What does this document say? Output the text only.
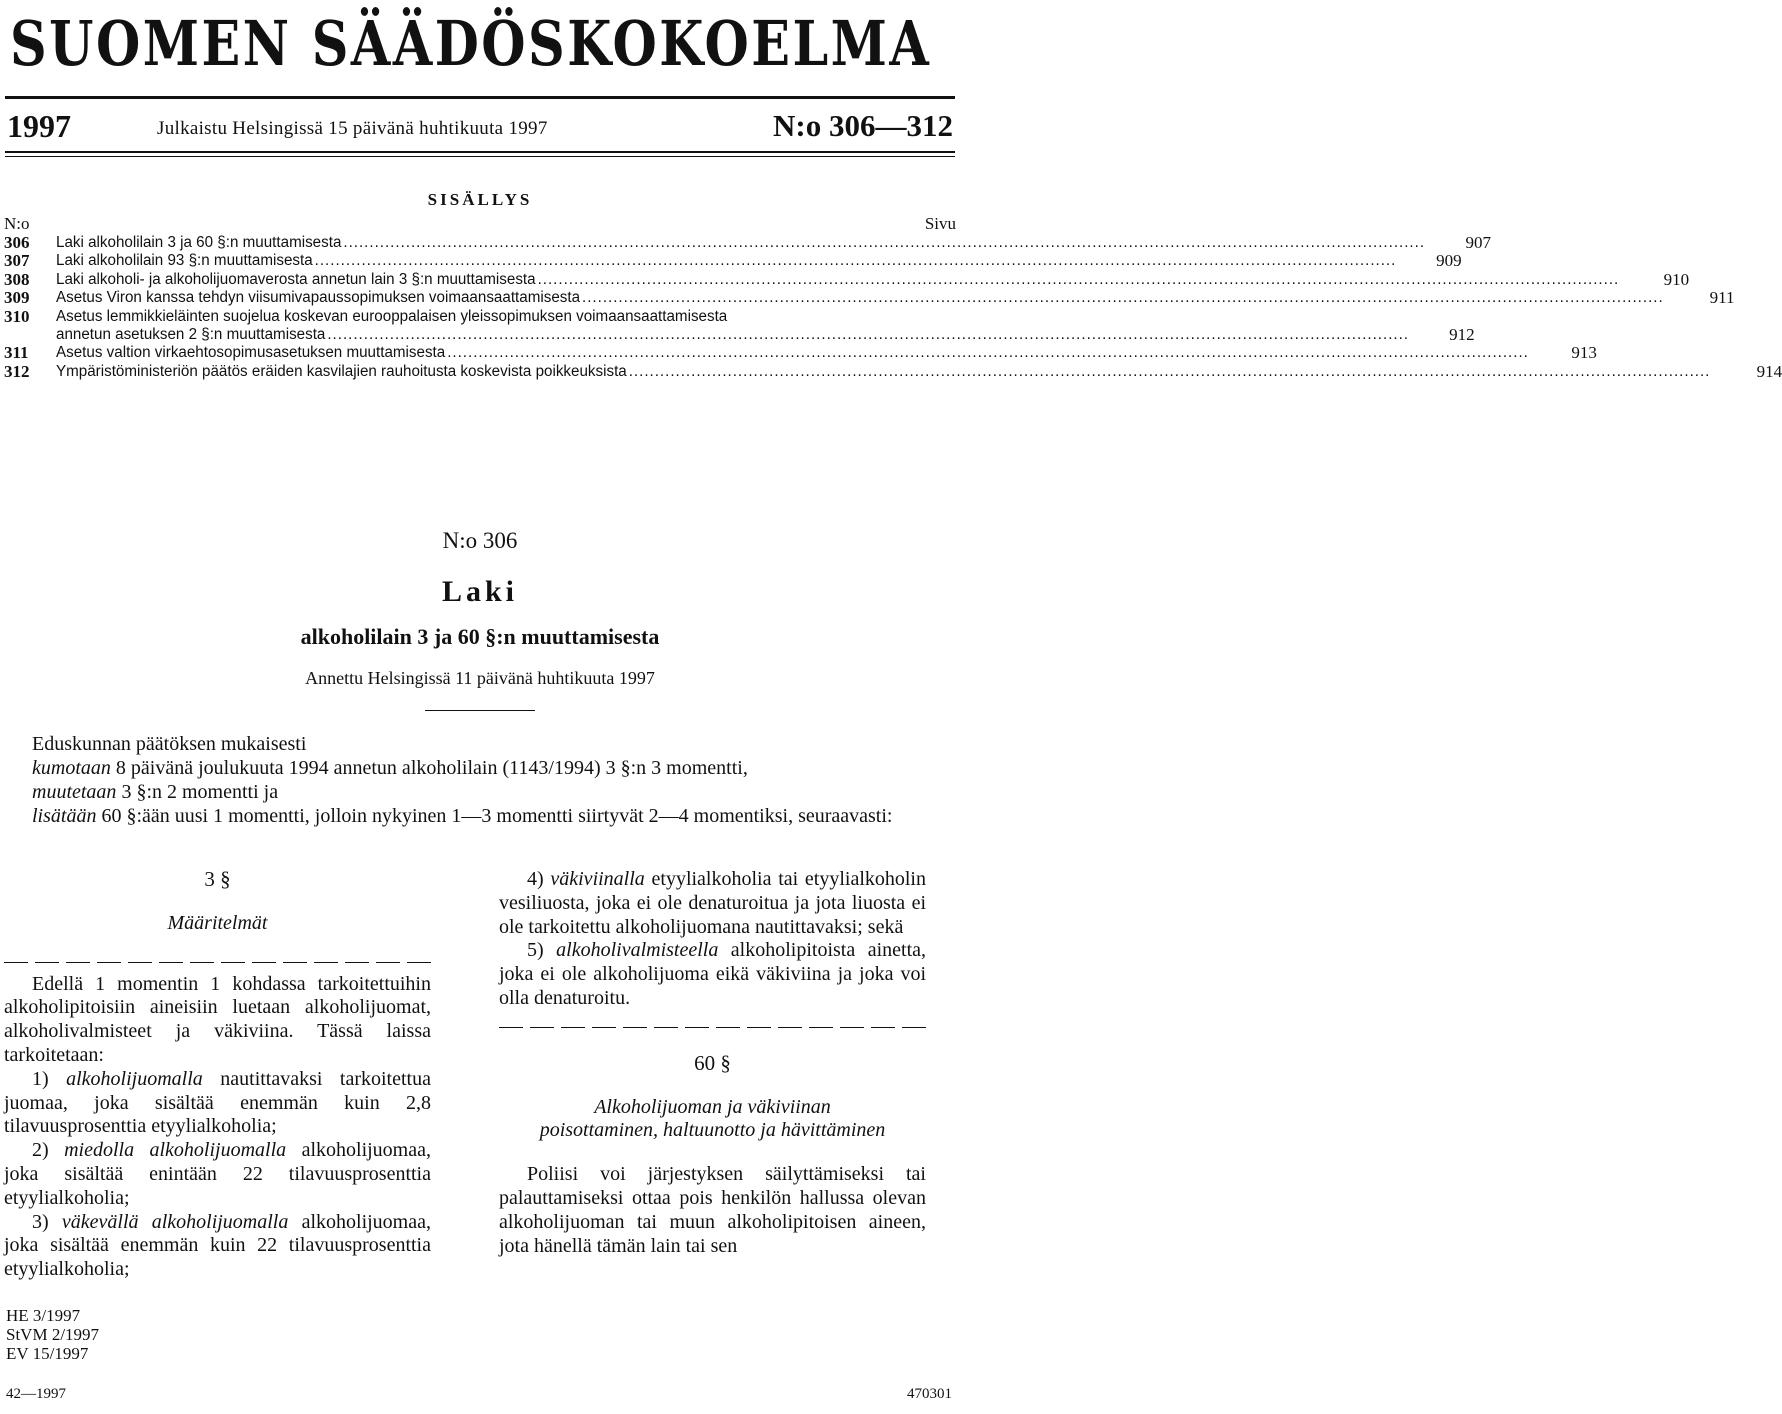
SUOMEN SÄÄDÖSKOKOELMA
1997	Julkaistu Helsingissä 15 päivänä huhtikuuta 1997	N:o 306—312
SISÄLLYS
N:o	Sivu
306	Laki alkoholilain 3 ja 60 §:n muuttamisesta .....	907
307	Laki alkoholilain 93 §:n muuttamisesta .....	909
308	Laki alkoholi- ja alkoholijuomaverosta annetun lain 3 §:n muuttamisesta .....	910
309	Asetus Viron kanssa tehdyn viisumivapaussopimuksen voimaansaattamisesta .....	911
310	Asetus lemmikkieläinten suojelua koskevan eurooppalaisen yleissopimuksen voimaansaattamisesta
annetun asetuksen 2 §:n muuttamisesta .....	912
311	Asetus valtion virkaehtosopimusasetuksen muuttamisesta .....	913
312	Ympäristöministeriön päätös eräiden kasvilajien rauhoitusta koskevista poikkeuksista .....	914
N:o 306
Laki
alkoholilain 3 ja 60 §:n muuttamisesta
Annettu Helsingissä 11 päivänä huhtikuuta 1997

Eduskunnan päätöksen mukaisesti

kumotaan 8 päivänä joulukuuta 1994 annetun alkoholilain (1143/1994) 3 §:n 3 momentti,

muutetaan 3 §:n 2 momentti ja

lisätään 60 §:ään uusi 1 momentti, jolloin nykyinen 1—3 momentti siirtyvät 2—4 momentiksi, seuraavasti:

3 §

Määritelmät

Edellä 1 momentin 1 kohdassa tarkoitettuihin alkoholipitoisiin aineisiin luetaan alkoholijuomat, alkoholivalmisteet ja väkiviina. Tässä laissa tarkoitetaan:

1) alkoholijuomalla nautittavaksi tarkoitettua juomaa, joka sisältää enemmän kuin 2,8 tilavuusprosenttia etyylialkoholia;

2) miedolla alkoholijuomalla alkoholijuomaa, joka sisältää enintään 22 tilavuusprosenttia etyylialkoholia;

3) väkevällä alkoholijuomalla alkoholijuomaa, joka sisältää enemmän kuin 22 tilavuusprosenttia etyylialkoholia;

4) väkiviinalla etyylialkoholia tai etyylialkoholin vesiliuosta, joka ei ole denaturoitua ja jota liuosta ei ole tarkoitettu alkoholijuomana nautittavaksi; sekä

5) alkoholivalmisteella alkoholipitoista ainetta, joka ei ole alkoholijuoma eikä väkiviina ja joka voi olla denaturoitu.

60 §

Alkoholijuoman ja väkiviinan

poisottaminen, haltuunotto ja hävittäminen

Poliisi voi järjestyksen säilyttämiseksi tai palauttamiseksi ottaa pois henkilön hallussa olevan alkoholijuoman tai muun alkoholipitoisen aineen, jota hänellä tämän lain tai sen

HE 3/1997
StVM 2/1997
EV 15/1997
42—1997	470301
